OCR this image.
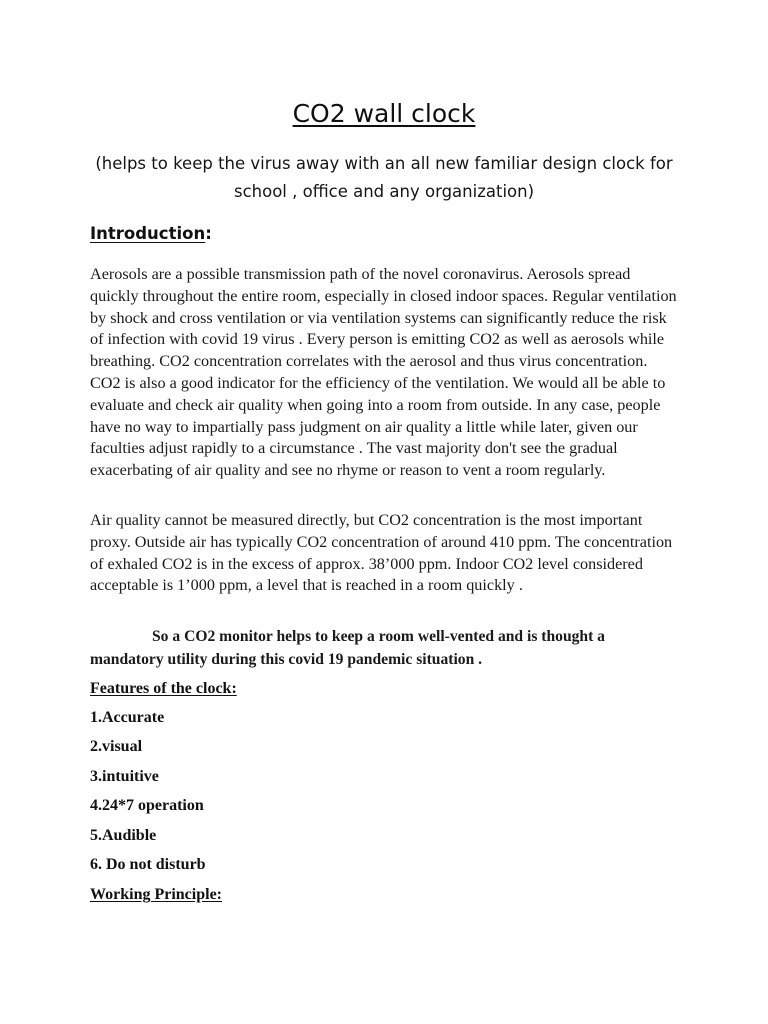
CO2 wall clock
(helps to keep the virus away with an all new familiar design clock for school , office and any organization)
Introduction:

Aerosols are a possible transmission path of the novel coronavirus. Aerosols spread quickly throughout the entire room, especially in closed indoor spaces. Regular ventilation by shock and cross ventilation or via ventilation systems can significantly reduce the risk of infection with covid 19 virus . Every person is emitting CO2 as well as aerosols while breathing. CO2 concentration correlates with the aerosol and thus virus concentration. CO2 is also a good indicator for the efficiency of the ventilation. We would all be able to evaluate and check air quality when going into a room from outside. In any case, people have no way to impartially pass judgment on air quality a little while later, given our faculties adjust rapidly to a circumstance . The vast majority don't see the gradual exacerbating of air quality and see no rhyme or reason to vent a room regularly.

Air quality cannot be measured directly, but CO2 concentration is the most important proxy. Outside air has typically CO2 concentration of around 410 ppm. The concentration of exhaled CO2 is in the excess of approx. 38’000 ppm. Indoor CO2 level considered acceptable is 1’000 ppm, a level that is reached in a room quickly .

So a CO2 monitor helps to keep a room well-vented and is thought a mandatory utility during this covid 19 pandemic situation .

Features of the clock:
1.Accurate
2.visual
3.intuitive
4.24*7 operation
5.Audible
6. Do not disturb
Working Principle:
